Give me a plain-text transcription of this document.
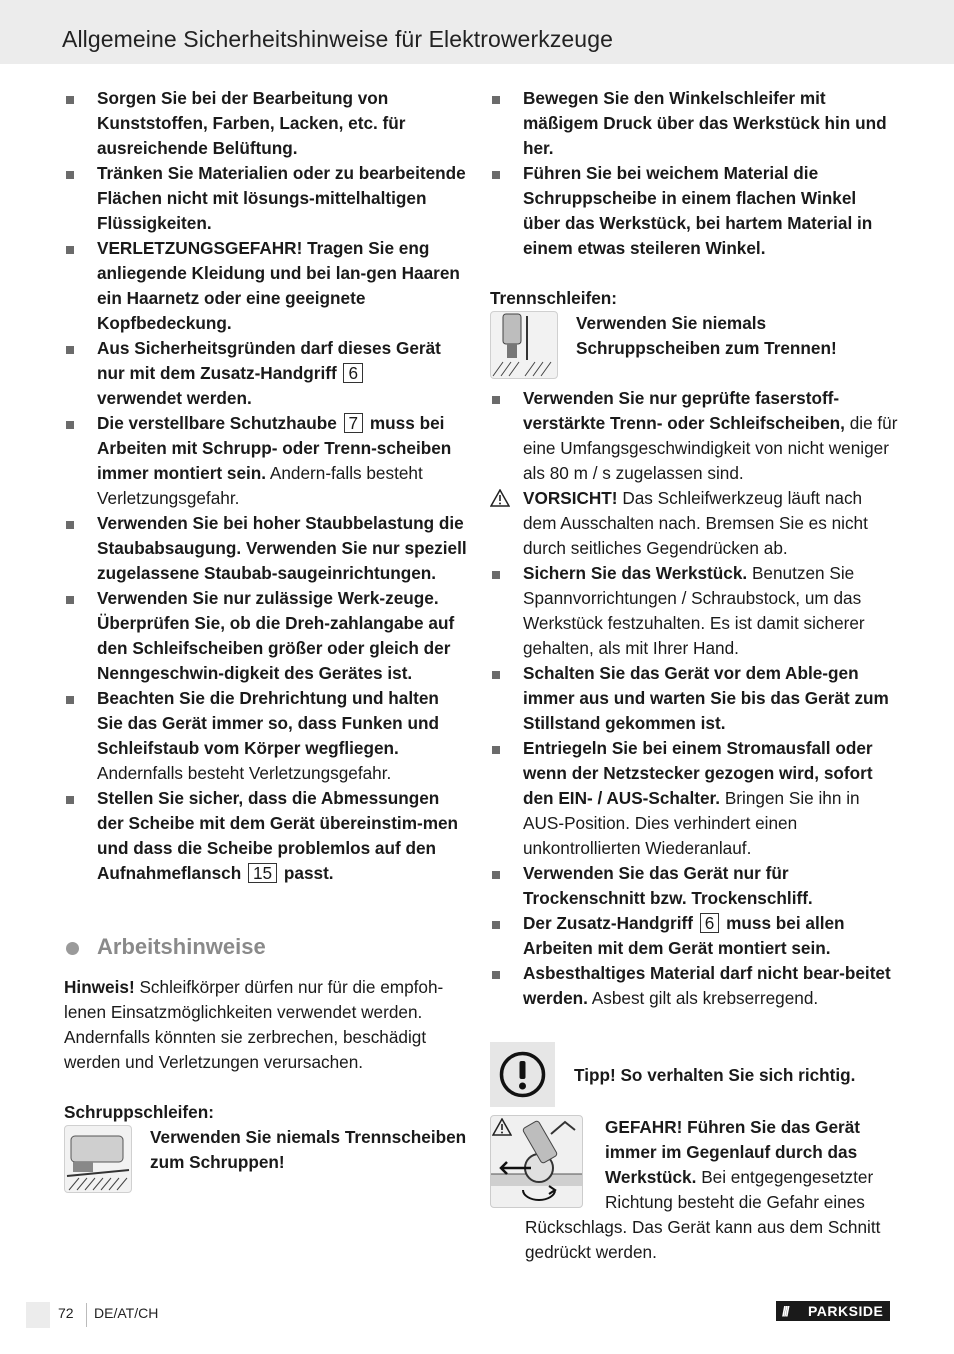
Allgemeine Sicherheitshinweise für Elektrowerkzeuge
Sorgen Sie bei der Bearbeitung von Kunststoffen, Farben, Lacken, etc. für ausreichende Belüftung.
Tränken Sie Materialien oder zu bearbeitende Flächen nicht mit lösungs-mittelhaltigen Flüssigkeiten.
VERLETZUNGSGEFAHR! Tragen Sie eng anliegende Kleidung und bei lan-gen Haaren ein Haarnetz oder eine geeignete Kopfbedeckung.
Aus Sicherheitsgründen darf dieses Gerät nur mit dem Zusatz-Handgriff 6
verwendet werden.
Die verstellbare Schutzhaube 7 muss bei Arbeiten mit Schrupp- oder Trenn-scheiben immer montiert sein. Andern-falls besteht Verletzungsgefahr.
Verwenden Sie bei hoher Staubbelastung die Staubabsaugung. Verwenden Sie nur speziell zugelassene Staubab-saugeinrichtungen.
Verwenden Sie nur zulässige Werk-zeuge. Überprüfen Sie, ob die Dreh-zahlangabe auf den Schleifscheiben größer oder gleich der Nenngeschwin-digkeit des Gerätes ist.
Beachten Sie die Drehrichtung und halten Sie das Gerät immer so, dass Funken und Schleifstaub vom Körper wegfliegen. Andernfalls besteht Verletzungsgefahr.
Stellen Sie sicher, dass die Abmessungen der Scheibe mit dem Gerät übereinstim-men und dass die Scheibe problemlos auf den Aufnahmeflansch 15 passt.
Arbeitshinweise
Hinweis! Schleifkörper dürfen nur für die empfoh-lenen Einsatzmöglichkeiten verwendet werden. Andernfalls könnten sie zerbrechen, beschädigt werden und Verletzungen verursachen.
Schruppschleifen:
Verwenden Sie niemals Trennscheiben zum Schruppen!
Bewegen Sie den Winkelschleifer mit mäßigem Druck über das Werkstück hin und her.
Führen Sie bei weichem Material die Schruppscheibe in einem flachen Winkel über das Werkstück, bei hartem Material in einem etwas steileren Winkel.
Trennschleifen:
Verwenden Sie niemals Schruppscheiben zum Trennen!
Verwenden Sie nur geprüfte faserstoff-verstärkte Trenn- oder Schleifscheiben, die für eine Umfangsgeschwindigkeit von nicht weniger als 80 m / s zugelassen sind.
VORSICHT! Das Schleifwerkzeug läuft nach dem Ausschalten nach. Bremsen Sie es nicht durch seitliches Gegendrücken ab.
Sichern Sie das Werkstück. Benutzen Sie Spannvorrichtungen / Schraubstock, um das Werkstück festzuhalten. Es ist damit sicherer gehalten, als mit Ihrer Hand.
Schalten Sie das Gerät vor dem Able-gen immer aus und warten Sie bis das Gerät zum Stillstand gekommen ist.
Entriegeln Sie bei einem Stromausfall oder wenn der Netzstecker gezogen wird, sofort den EIN- / AUS-Schalter. Bringen Sie ihn in AUS-Position. Dies verhindert einen unkontrollierten Wiederanlauf.
Verwenden Sie das Gerät nur für Trockenschnitt bzw. Trockenschliff.
Der Zusatz-Handgriff 6 muss bei allen Arbeiten mit dem Gerät montiert sein.
Asbesthaltiges Material darf nicht bear-beitet werden. Asbest gilt als krebserregend.
Tipp! So verhalten Sie sich richtig.
GEFAHR! Führen Sie das Gerät immer im Gegenlauf durch das Werkstück. Bei entgegengesetzter Richtung besteht die Gefahr eines Rückschlags. Das Gerät kann aus dem Schnitt gedrückt werden.
72 DE/AT/CH	/// PARKSIDE
